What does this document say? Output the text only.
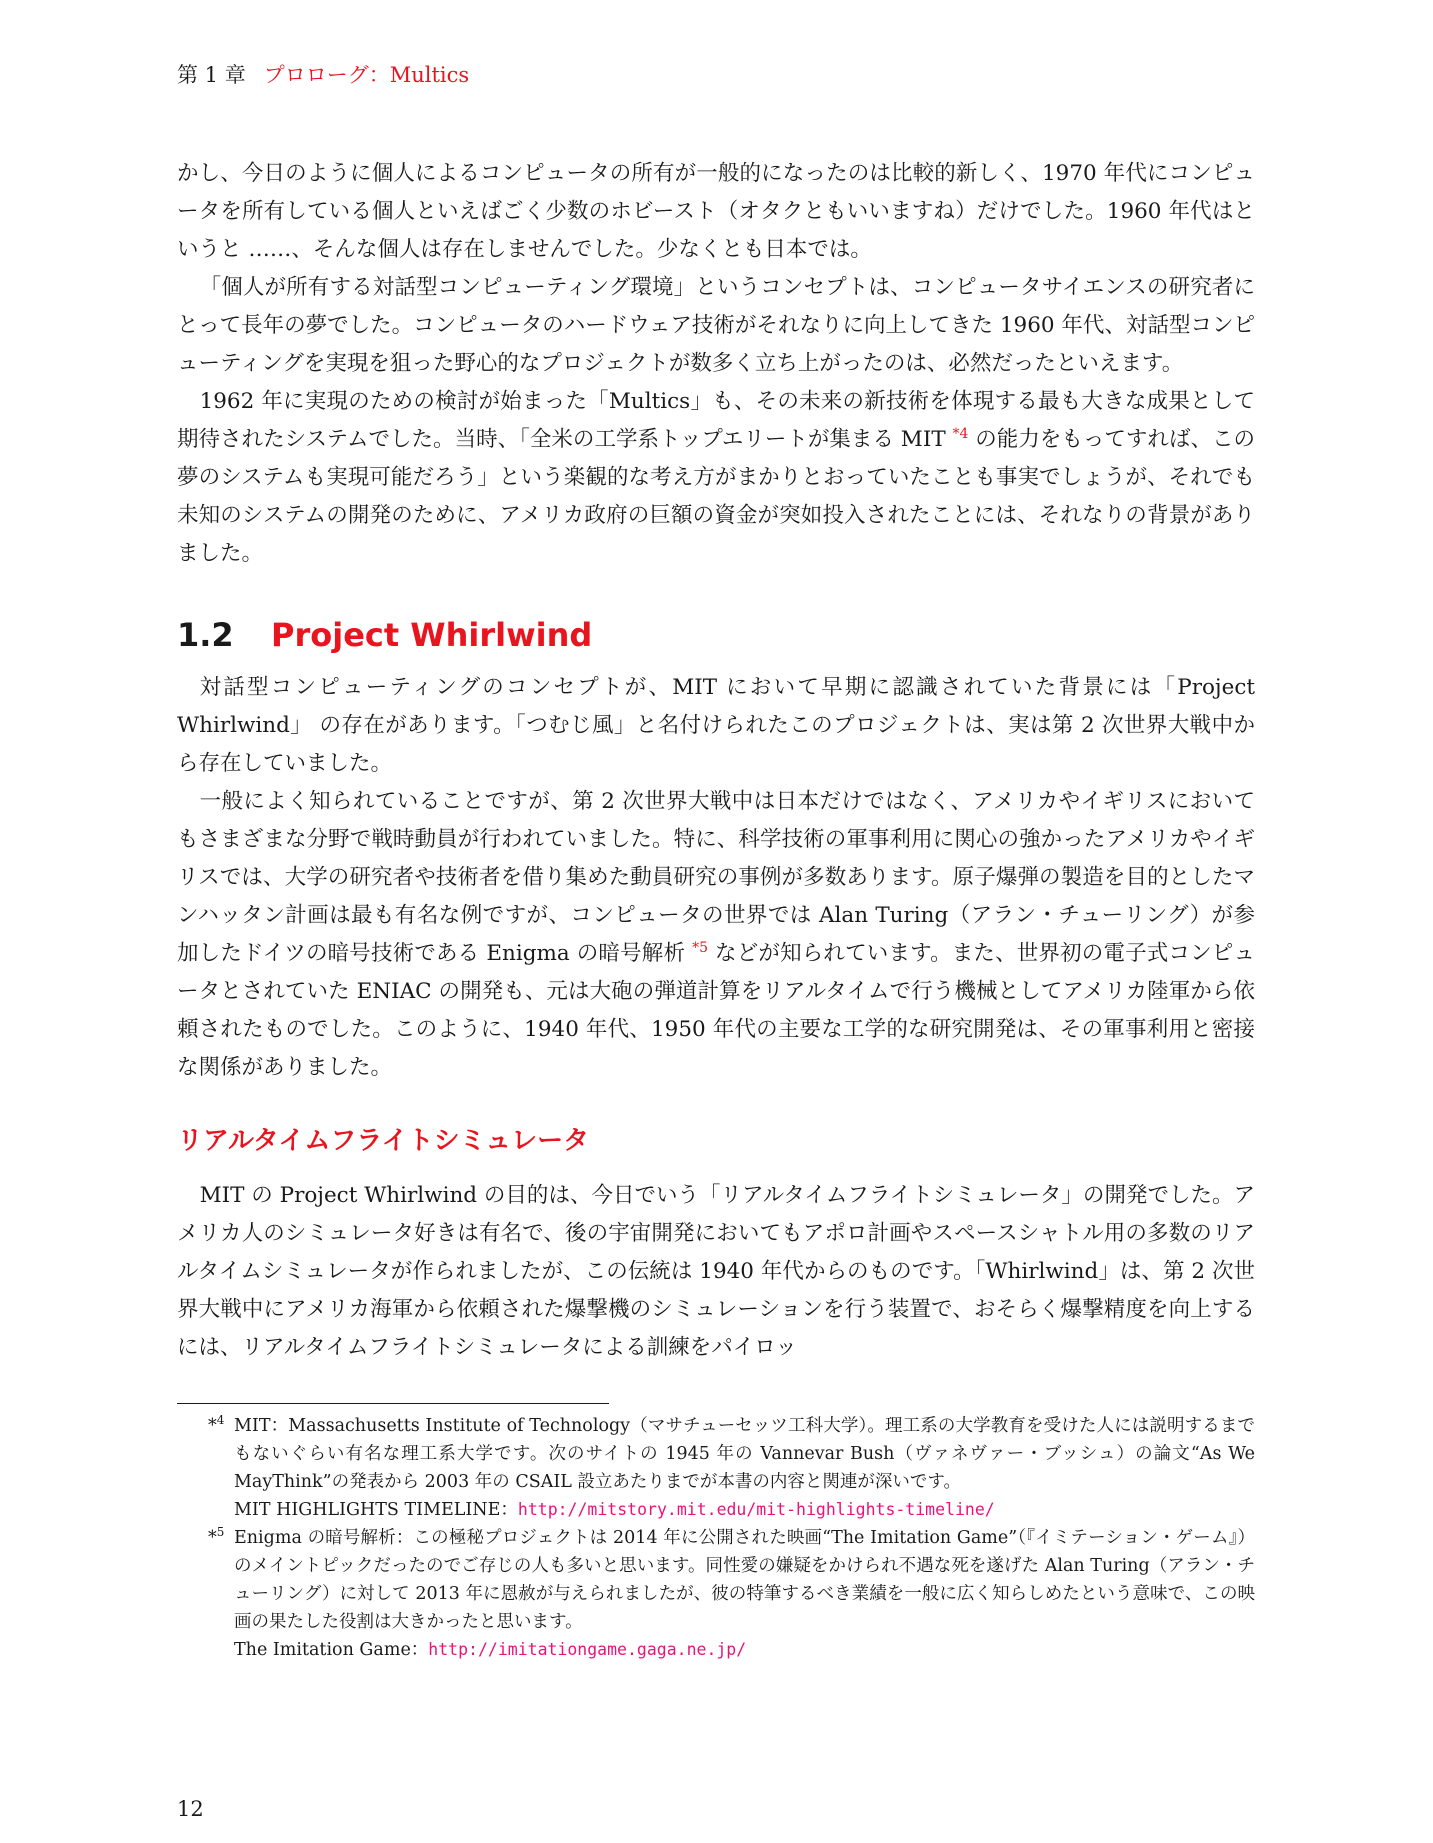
第 1 章 プロローグ：Multics

かし、今日のように個人によるコンピュータの所有が一般的になったのは比較的新しく、1970 年代にコンピュータを所有している個人といえばごく少数のホビースト（オタクともいいますね）だけでした。1960 年代はというと ……、そんな個人は存在しませんでした。少なくとも日本では。

「個人が所有する対話型コンピューティング環境」というコンセプトは、コンピュータサイエンスの研究者にとって長年の夢でした。コンピュータのハードウェア技術がそれなりに向上してきた 1960 年代、対話型コンピューティングを実現を狙った野心的なプロジェクトが数多く立ち上がったのは、必然だったといえます。

1962 年に実現のための検討が始まった「Multics」も、その未来の新技術を体現する最も大きな成果として期待されたシステムでした。当時、「全米の工学系トップエリートが集まる MIT $^{*4}$ の能力をもってすれば、この夢のシステムも実現可能だろう」という楽観的な考え方がまかりとおっていたことも事実でしょうが、それでも未知のシステムの開発のために、アメリカ政府の巨額の資金が突如投入されたことには、それなりの背景がありました。

1.2 Project Whirlwind

対話型コンピューティングのコンセプトが、MIT において早期に認識されていた背景には「Project Whirlwind」 の存在があります。「つむじ風」と名付けられたこのプロジェクトは、実は第 2 次世界大戦中から存在していました。

一般によく知られていることですが、第 2 次世界大戦中は日本だけではなく、アメリカやイギリスにおいてもさまざまな分野で戦時動員が行われていました。特に、科学技術の軍事利用に関心の強かったアメリカやイギリスでは、大学の研究者や技術者を借り集めた動員研究の事例が多数あります。原子爆弾の製造を目的としたマンハッタン計画は最も有名な例ですが、コンピュータの世界では Alan Turing（アラン・チューリング）が参加したドイツの暗号技術である Enigma の暗号解析 $^{*5}$ などが知られています。また、世界初の電子式コンピュータとされていた ENIAC の開発も、元は大砲の弾道計算をリアルタイムで行う機械としてアメリカ陸軍から依頼されたものでした。このように、1940 年代、1950 年代の主要な工学的な研究開発は、その軍事利用と密接な関係がありました。

リアルタイムフライトシミュレータ

MIT の Project Whirlwind の目的は、今日でいう「リアルタイムフライトシミュレータ」の開発でした。アメリカ人のシミュレータ好きは有名で、後の宇宙開発においてもアポロ計画やスペースシャトル用の多数のリアルタイムシミュレータが作られましたが、この伝統は 1940 年代からのものです。「Whirlwind」は、第 2 次世界大戦中にアメリカ海軍から依頼された爆撃機のシミュレーションを行う装置で、おそらく爆撃精度を向上するには、リアルタイムフライトシミュレータによる訓練をパイロッ

*$^4$ MIT：Massachusetts Institute of Technology（マサチューセッツ工科大学）。理工系の大学教育を受けた人には説明するまでもないぐらい有名な理工系大学です。次のサイトの 1945 年の Vannevar Bush（ヴァネヴァー・ブッシュ）の論文“As We MayThink”の発表から 2003 年の CSAIL 設立あたりまでが本書の内容と関連が深いです。
MIT HIGHLIGHTS TIMELINE：http://mitstory.mit.edu/mit-highlights-timeline/
*$^5$ Enigma の暗号解析：この極秘プロジェクトは 2014 年に公開された映画“The Imitation Game”（『イミテーション・ゲーム』）のメイントピックだったのでご存じの人も多いと思います。同性愛の嫌疑をかけられ不遇な死を遂げた Alan Turing（アラン・チューリング）に対して 2013 年に恩赦が与えられましたが、彼の特筆するべき業績を一般に広く知らしめたという意味で、この映画の果たした役割は大きかったと思います。
The Imitation Game：http://imitationgame.gaga.ne.jp/
12
